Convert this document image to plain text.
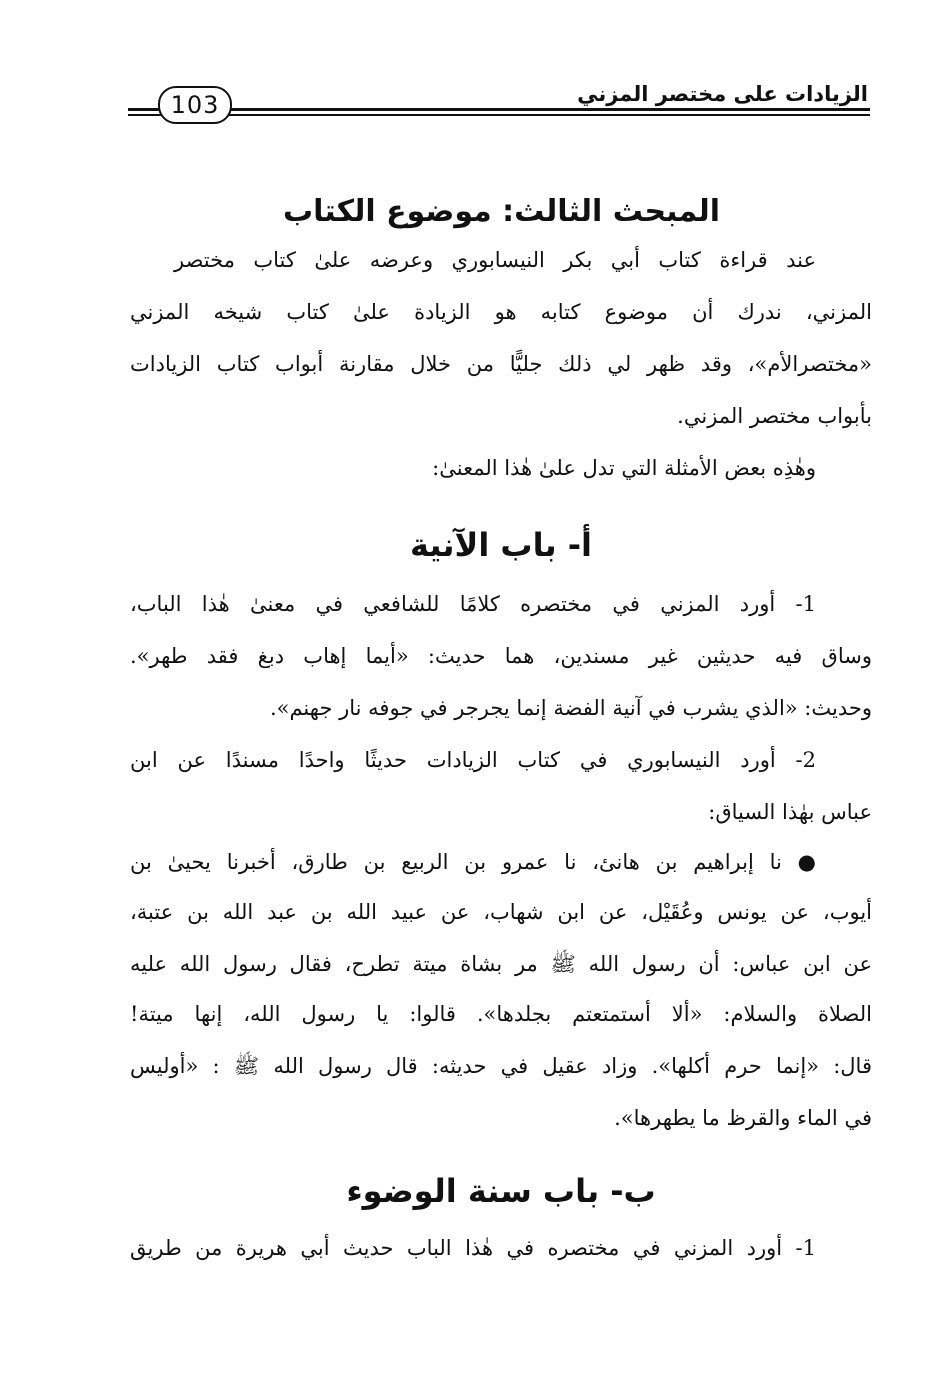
الزيادات على مختصر المزني
103
المبحث الثالث: موضوع الكتاب
عند قراءة كتاب أبي بكر النيسابوري وعرضه علىٰ كتاب مختصر
المزني، ندرك أن موضوع كتابه هو الزيادة علىٰ كتاب شيخه المزني
«مختصرالأم»، وقد ظهر لي ذلك جليًّا من خلال مقارنة أبواب كتاب الزيادات
بأبواب مختصر المزني.
وهٰذِه بعض الأمثلة التي تدل علىٰ هٰذا المعنىٰ:
أ- باب الآنية
1- أورد المزني في مختصره كلامًا للشافعي في معنىٰ هٰذا الباب،
وساق فيه حديثين غير مسندين، هما حديث: «أيما إهاب دبغ فقد طهر».
وحديث: «الذي يشرب في آنية الفضة إنما يجرجر في جوفه نار جهنم».
2- أورد النيسابوري في كتاب الزيادات حديثًا واحدًا مسندًا عن ابن
عباس بهٰذا السياق:
● نا إبراهيم بن هانئ، نا عمرو بن الربيع بن طارق، أخبرنا يحيىٰ بن
أيوب، عن يونس وعُقَيْل، عن ابن شهاب، عن عبيد الله بن عبد الله بن عتبة،
عن ابن عباس: أن رسول الله ﷺ مر بشاة ميتة تطرح، فقال رسول الله عليه
الصلاة والسلام: «ألا أستمتعتم بجلدها». قالوا: يا رسول الله، إنها ميتة!
قال: «إنما حرم أكلها». وزاد عقيل في حديثه: قال رسول الله ﷺ : «أوليس
في الماء والقرظ ما يطهرها».
ب- باب سنة الوضوء
1- أورد المزني في مختصره في هٰذا الباب حديث أبي هريرة من طريق
